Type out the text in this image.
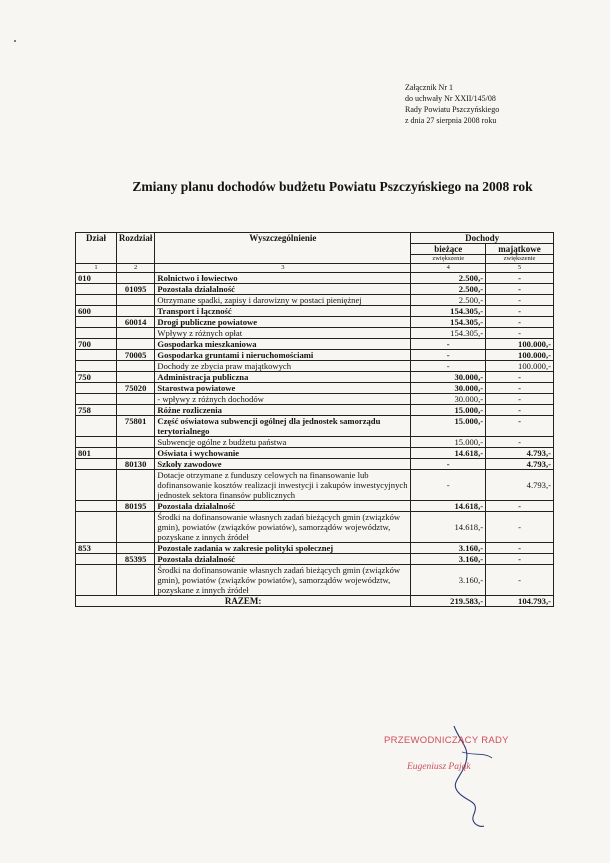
Załącznik Nr 1
do uchwały Nr XXII/145/08
Rady Powiatu Pszczyńskiego
z dnia 27 sierpnia 2008 roku
Zmiany planu dochodów budżetu Powiatu Pszczyńskiego na 2008 rok
Dział	Rozdział	Wyszczególnienie	Dochody	
			bieżące	majątkowe
			zwiększenie	zwiększenie
1	2	3	4	5
010		Rolnictwo i łowiectwo	2.500,-	-
	01095	Pozostała działalność	2.500,-	-
		Otrzymane spadki, zapisy i darowizny w postaci pieniężnej	2.500,-	-
600		Transport i łączność	154.305,-	-
	60014	Drogi publiczne powiatowe	154.305,-	-
		Wpływy z różnych opłat	154.305,-	-
700		Gospodarka mieszkaniowa	-	100.000,-
	70005	Gospodarka gruntami i nieruchomościami	-	100.000,-
		Dochody ze zbycia praw majątkowych	-	100.000,-
750		Administracja publiczna	30.000,-	-
	75020	Starostwa powiatowe	30.000,-	-
		- wpływy z różnych dochodów	30.000,-	-
758		Różne rozliczenia	15.000,-	-
	75801	Część oświatowa subwencji ogólnej dla jednostek samorządu terytorialnego	15.000,-	-
		Subwencje ogólne z budżetu państwa	15.000,-	-
801		Oświata i wychowanie	14.618,-	4.793,-
	80130	Szkoły zawodowe	-	4.793,-
		Dotacje otrzymane z funduszy celowych na finansowanie lub dofinansowanie kosztów realizacji inwestycji i zakupów inwestycyjnych jednostek sektora finansów publicznych	-	4.793,-
	80195	Pozostała działalność	14.618,-	-
		Środki na dofinansowanie własnych zadań bieżących gmin (związków gmin), powiatów (związków powiatów), samorządów województw, pozyskane z innych źródeł	14.618,-	-
853		Pozostałe zadania w zakresie polityki społecznej	3.160,-	-
	85395	Pozostała działalność	3.160,-	-
		Środki na dofinansowanie własnych zadań bieżących gmin (związków gmin), powiatów (związków powiatów), samorządów województw, pozyskane z innych źródeł	3.160,-	-
RAZEM:			219.583,-	104.793,-
PRZEWODNICZĄCY RADY
Eugeniusz Pająk
